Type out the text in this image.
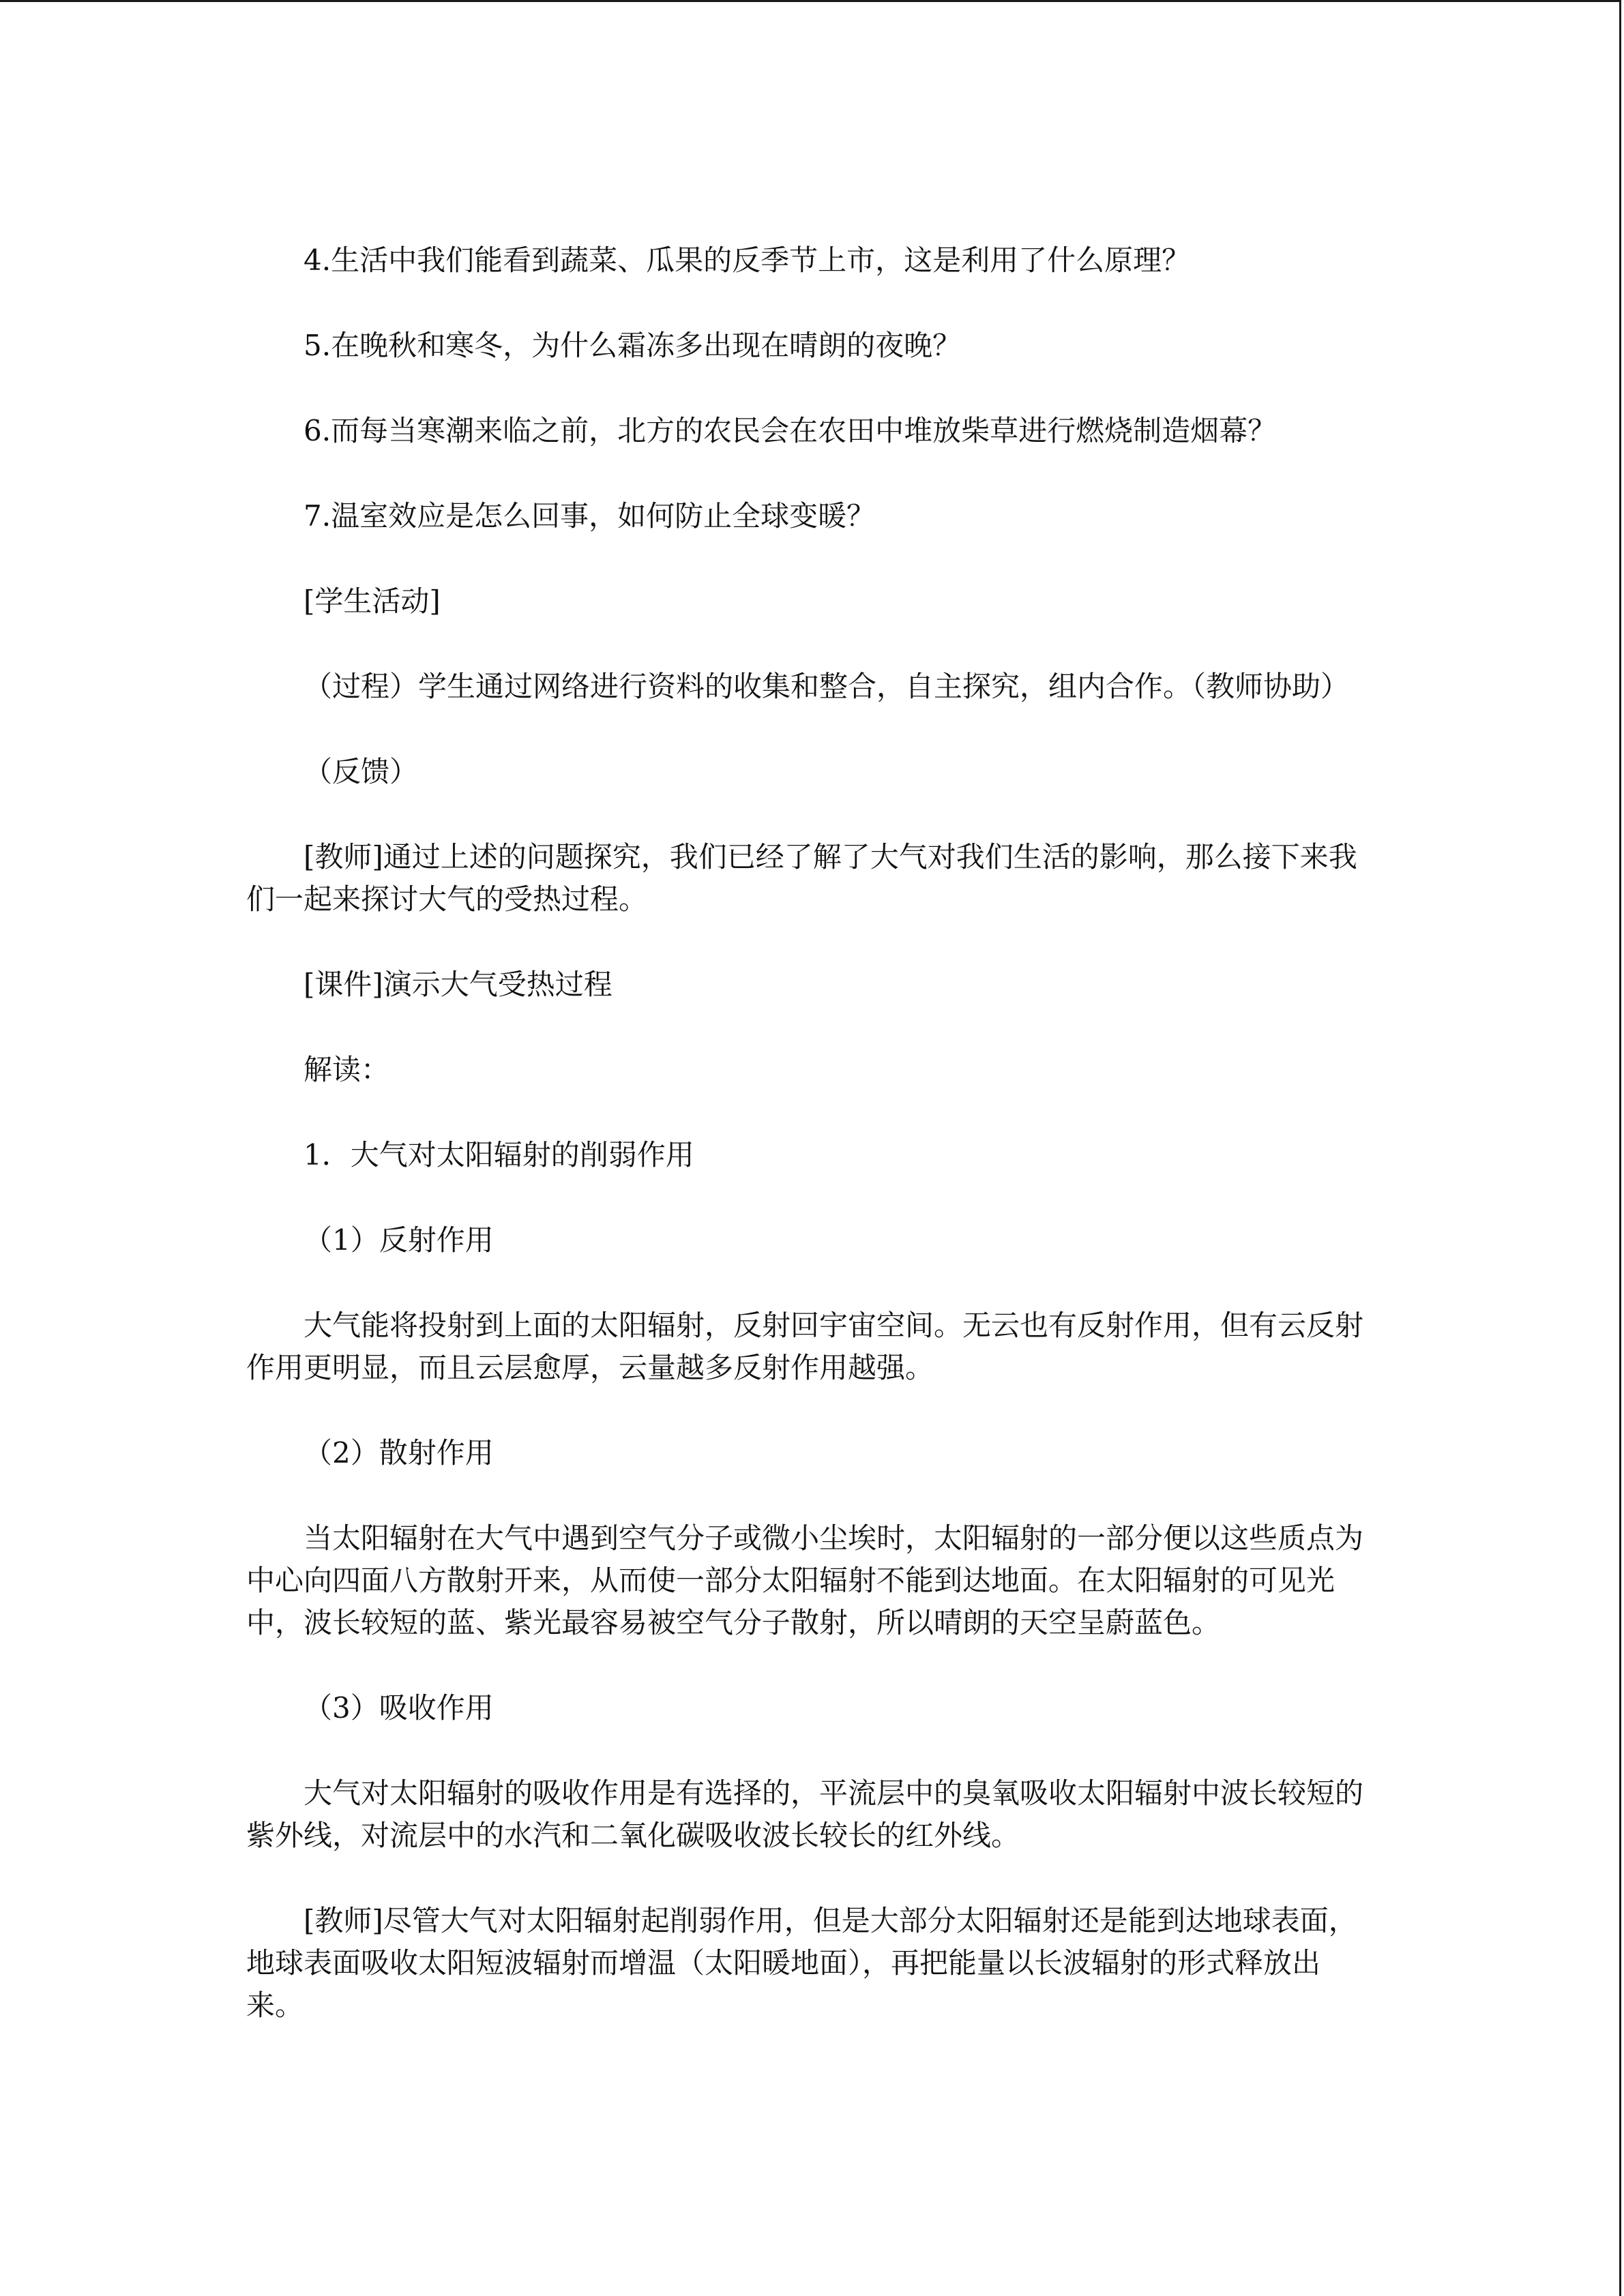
4.生活中我们能看到蔬菜、瓜果的反季节上市，这是利用了什么原理？

5.在晚秋和寒冬，为什么霜冻多出现在晴朗的夜晚？

6.而每当寒潮来临之前，北方的农民会在农田中堆放柴草进行燃烧制造烟幕？

7.温室效应是怎么回事，如何防止全球变暖？

[学生活动]

（过程）学生通过网络进行资料的收集和整合，自主探究，组内合作。（教师协助）

（反馈）

[教师]通过上述的问题探究，我们已经了解了大气对我们生活的影响，那么接下来我
们一起来探讨大气的受热过程。

[课件]演示大气受热过程

解读：

1．大气对太阳辐射的削弱作用

（1）反射作用

大气能将投射到上面的太阳辐射，反射回宇宙空间。无云也有反射作用，但有云反射
作用更明显，而且云层愈厚，云量越多反射作用越强。

（2）散射作用

当太阳辐射在大气中遇到空气分子或微小尘埃时，太阳辐射的一部分便以这些质点为
中心向四面八方散射开来，从而使一部分太阳辐射不能到达地面。在太阳辐射的可见光
中，波长较短的蓝、紫光最容易被空气分子散射，所以晴朗的天空呈蔚蓝色。

（3）吸收作用

大气对太阳辐射的吸收作用是有选择的，平流层中的臭氧吸收太阳辐射中波长较短的
紫外线，对流层中的水汽和二氧化碳吸收波长较长的红外线。

[教师]尽管大气对太阳辐射起削弱作用，但是大部分太阳辐射还是能到达地球表面，
地球表面吸收太阳短波辐射而增温（太阳暖地面），再把能量以长波辐射的形式释放出
来。
